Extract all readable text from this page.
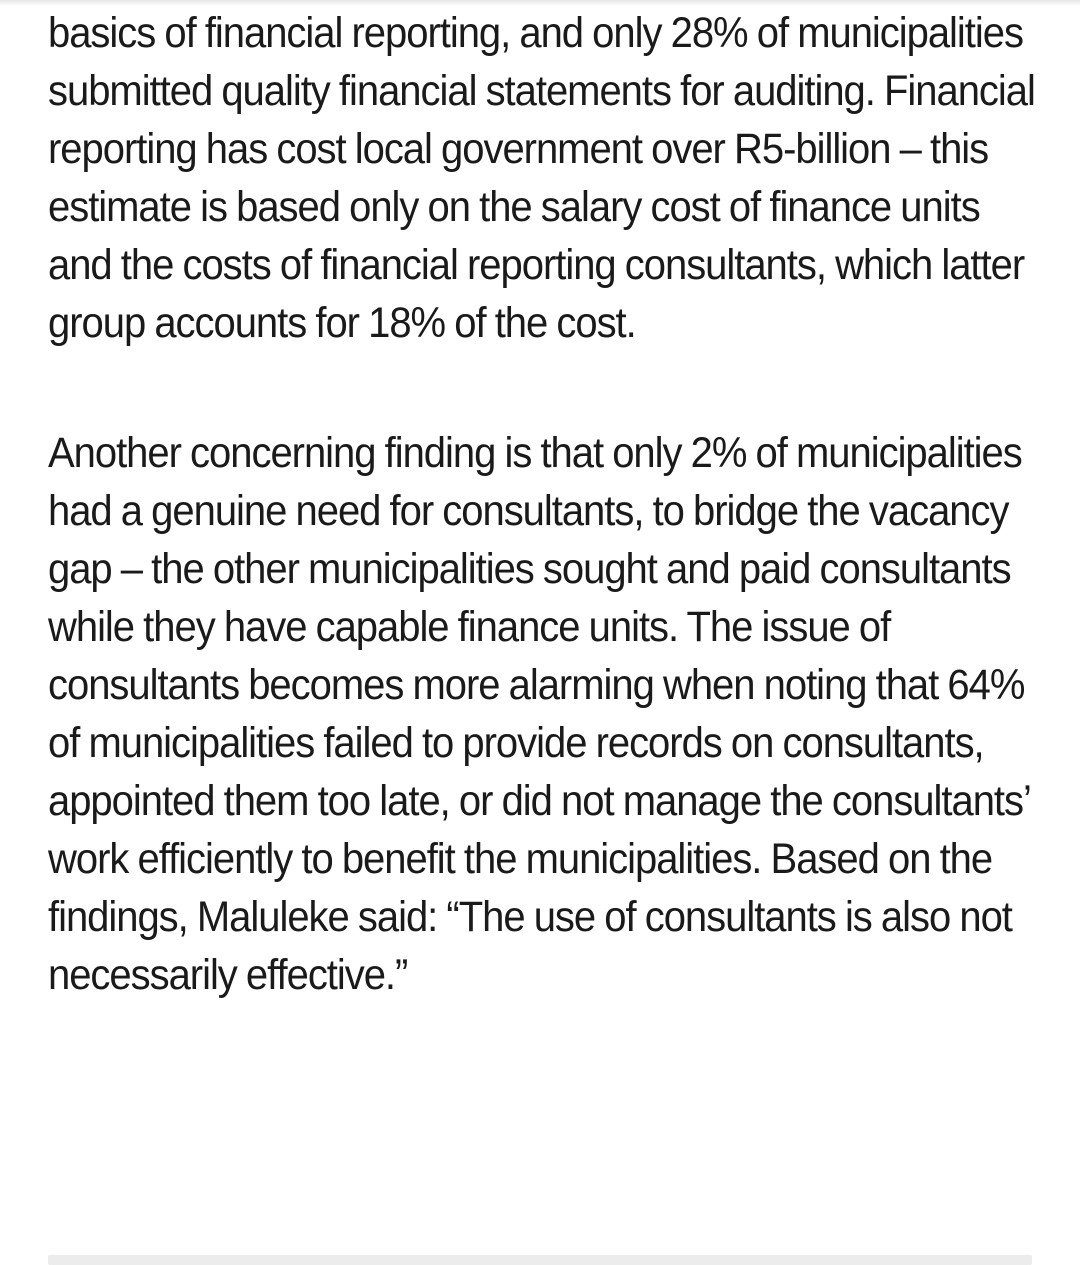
basics of financial reporting, and only 28% of municipalities submitted quality financial statements for auditing. Financial reporting has cost local government over R5-billion – this estimate is based only on the salary cost of finance units and the costs of financial reporting consultants, which latter group accounts for 18% of the cost.

Another concerning finding is that only 2% of municipalities had a genuine need for consultants, to bridge the vacancy gap – the other municipalities sought and paid consultants while they have capable finance units. The issue of consultants becomes more alarming when noting that 64% of municipalities failed to provide records on consultants, appointed them too late, or did not manage the consultants’ work efficiently to benefit the municipalities. Based on the findings, Maluleke said: “The use of consultants is also not necessarily effective.”
